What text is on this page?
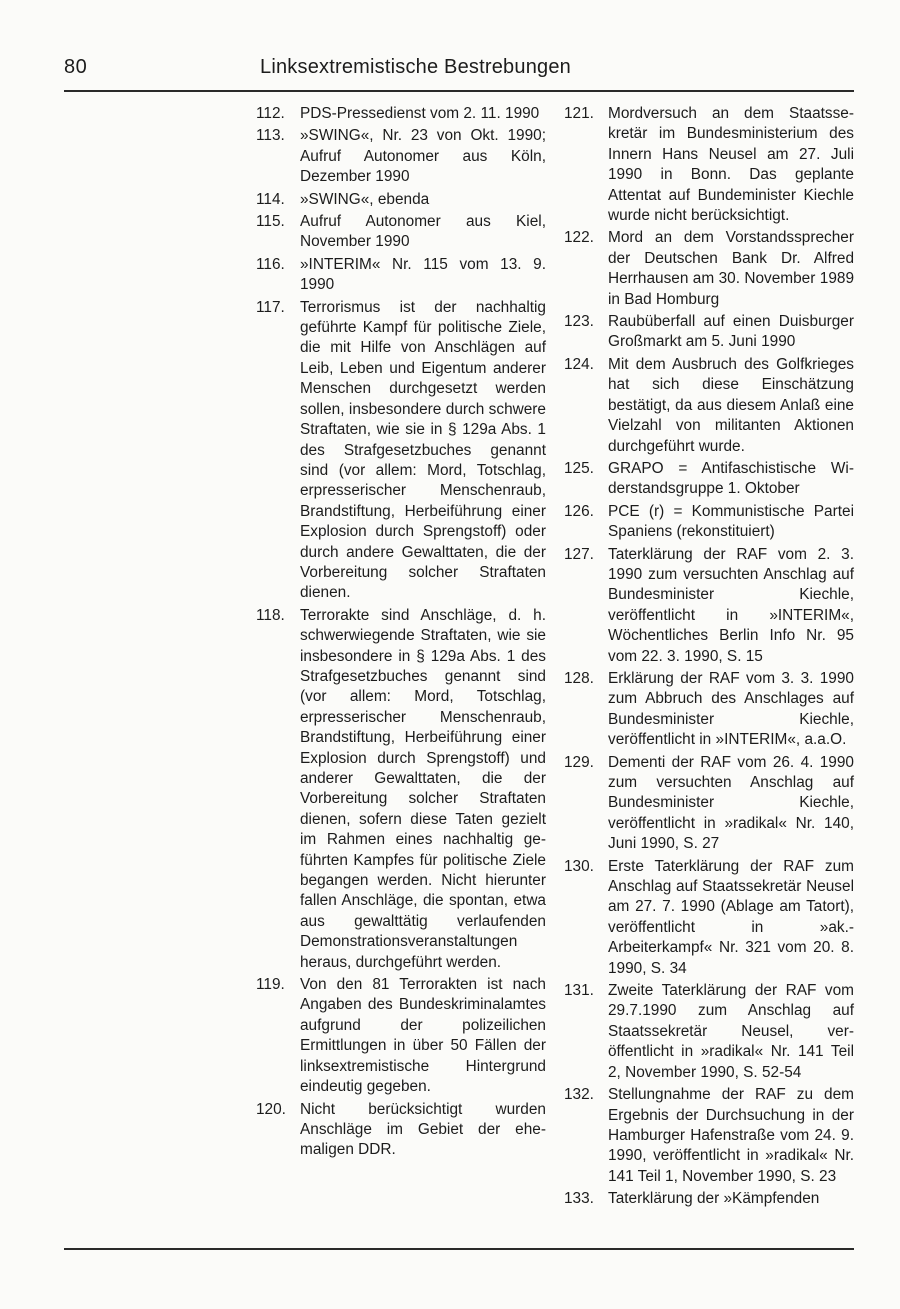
80	Linksextremistische Bestrebungen
112. PDS-Pressedienst vom 2. 11. 1990
113. »SWING«, Nr. 23 von Okt. 1990; Aufruf Autonomer aus Köln, Dezember 1990
114. »SWING«, ebenda
115. Aufruf Autonomer aus Kiel, November 1990
116. »INTERIM« Nr. 115 vom 13. 9. 1990
117. Terrorismus ist der nachhaltig geführte Kampf für politische Ziele, die mit Hilfe von Anschlägen auf Leib, Leben und Eigentum anderer Menschen durchgesetzt werden sollen, insbesondere durch schwere Straftaten, wie sie in § 129a Abs. 1 des Strafgesetzbuches genannt sind (vor allem: Mord, Totschlag, erpresserischer Menschenraub, Brandstiftung, Herbeiführung einer Explosion durch Sprengstoff) oder durch andere Gewalttaten, die der Vorbereitung solcher Straftaten dienen.
118. Terrorakte sind Anschläge, d. h. schwerwiegende Straftaten, wie sie insbesondere in § 129a Abs. 1 des Strafgesetzbuches genannt sind (vor allem: Mord, Totschlag, erpresserischer Menschenraub, Brandstiftung, Herbeiführung einer Explosion durch Sprengstoff) und anderer Gewalttaten, die der Vorbereitung solcher Straftaten dienen, sofern diese Taten gezielt im Rahmen eines nachhaltig geführten Kampfes für politische Ziele begangen werden. Nicht hierunter fallen Anschläge, die spontan, etwa aus gewalttätig verlaufenden Demonstrationsveranstaltungen heraus, durchgeführt werden.
119. Von den 81 Terrorakten ist nach Angaben des Bundeskriminalamtes aufgrund der polizeilichen Ermittlungen in über 50 Fällen der linksextremistische Hintergrund eindeutig gegeben.
120. Nicht berücksichtigt wurden Anschläge im Gebiet der ehemaligen DDR.
121. Mordversuch an dem Staatssekretär im Bundesministerium des Innern Hans Neusel am 27. Juli 1990 in Bonn. Das geplante Attentat auf Bundeminister Kiechle wurde nicht berücksichtigt.
122. Mord an dem Vorstandssprecher der Deutschen Bank Dr. Alfred Herrhausen am 30. November 1989 in Bad Homburg
123. Raubüberfall auf einen Duisburger Großmarkt am 5. Juni 1990
124. Mit dem Ausbruch des Golfkrieges hat sich diese Einschätzung bestätigt, da aus diesem Anlaß eine Vielzahl von militanten Aktionen durchgeführt wurde.
125. GRAPO = Antifaschistische Widerstandsgruppe 1. Oktober
126. PCE (r) = Kommunistische Partei Spaniens (rekonstituiert)
127. Taterklärung der RAF vom 2. 3. 1990 zum versuchten Anschlag auf Bundesminister Kiechle, veröffentlicht in »INTERIM«, Wöchentliches Berlin Info Nr. 95 vom 22. 3. 1990, S. 15
128. Erklärung der RAF vom 3. 3. 1990 zum Abbruch des Anschlages auf Bundesminister Kiechle, veröffentlicht in »INTERIM«, a.a.O.
129. Dementi der RAF vom 26. 4. 1990 zum versuchten Anschlag auf Bundesminister Kiechle, veröffentlicht in »radikal« Nr. 140, Juni 1990, S. 27
130. Erste Taterklärung der RAF zum Anschlag auf Staatssekretär Neusel am 27. 7. 1990 (Ablage am Tatort), veröffentlicht in »ak.-Arbeiterkampf« Nr. 321 vom 20. 8. 1990, S. 34
131. Zweite Taterklärung der RAF vom 29.7.1990 zum Anschlag auf Staatssekretär Neusel, veröffentlicht in »radikal« Nr. 141 Teil 2, November 1990, S. 52-54
132. Stellungnahme der RAF zu dem Ergebnis der Durchsuchung in der Hamburger Hafenstraße vom 24. 9. 1990, veröffentlicht in »radikal« Nr. 141 Teil 1, November 1990, S. 23
133. Taterklärung der »Kämpfenden
